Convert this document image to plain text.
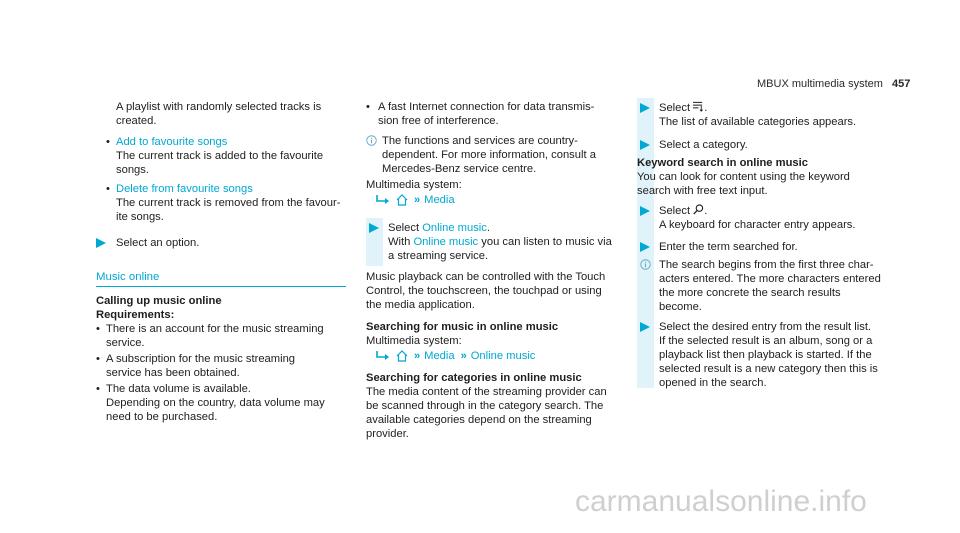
MBUX multimedia system 457

A playlist with randomly selected tracks is

created.

• Add to favourite songs

The current track is added to the favourite

songs.

• Delete from favourite songs

The current track is removed from the favour-

ite songs.

Select an option.

Music online

Calling up music online

Requirements:

• There is an account for the music streaming

service.

• A subscription for the music streaming

service has been obtained.

• The data volume is available.

Depending on the country, data volume may

need to be purchased.

• A fast Internet connection for data transmis-

sion free of interference.

The functions and services are country-

dependent. For more information, consult a

Mercedes-Benz service centre.

Multimedia system:

» Media

Select Online music.

With Online music you can listen to music via

a streaming service.

Music playback can be controlled with the Touch

Control, the touchscreen, the touchpad or using

the media application.

Searching for music in online music

Multimedia system:

» Media » Online music

Searching for categories in online music

The media content of the streaming provider can

be scanned through in the category search. The

available categories depend on the streaming

provider.

Select .

The list of available categories appears.

Select a category.

Keyword search in online music

You can look for content using the keyword

search with free text input.

Select .

A keyboard for character entry appears.

Enter the term searched for.

The search begins from the first three char-

acters entered. The more characters entered

the more concrete the search results

become.

Select the desired entry from the result list.

If the selected result is an album, song or a

playback list then playback is started. If the

selected result is a new category then this is

opened in the search.

carmanualsonline.info
